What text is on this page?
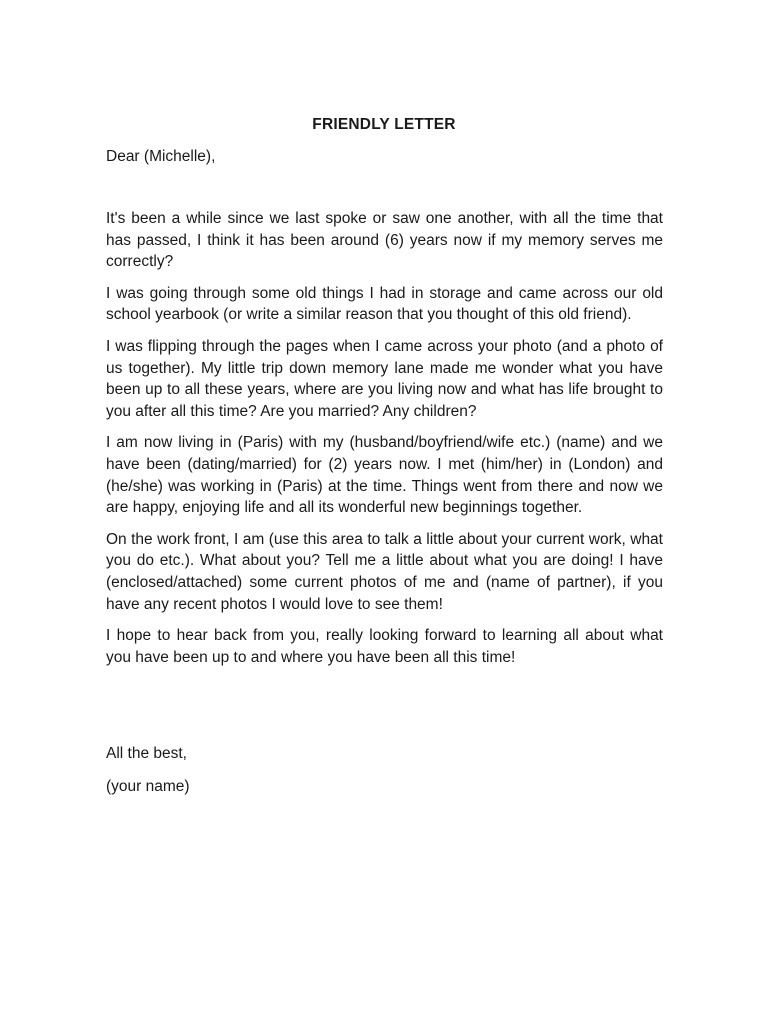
FRIENDLY LETTER
Dear (Michelle),

It's been a while since we last spoke or saw one another, with all the time that has passed, I think it has been around (6) years now if my memory serves me correctly?

I was going through some old things I had in storage and came across our old school yearbook (or write a similar reason that you thought of this old friend).

I was flipping through the pages when I came across your photo (and a photo of us together). My little trip down memory lane made me wonder what you have been up to all these years, where are you living now and what has life brought to you after all this time? Are you married? Any children?

I am now living in (Paris) with my (husband/boyfriend/wife etc.) (name) and we have been (dating/married) for (2) years now. I met (him/her) in (London) and (he/she) was working in (Paris) at the time. Things went from there and now we are happy, enjoying life and all its wonderful new beginnings together.

On the work front, I am (use this area to talk a little about your current work, what you do etc.). What about you? Tell me a little about what you are doing! I have (enclosed/attached) some current photos of me and (name of partner), if you have any recent photos I would love to see them!

I hope to hear back from you, really looking forward to learning all about what you have been up to and where you have been all this time!

All the best,
(your name)
